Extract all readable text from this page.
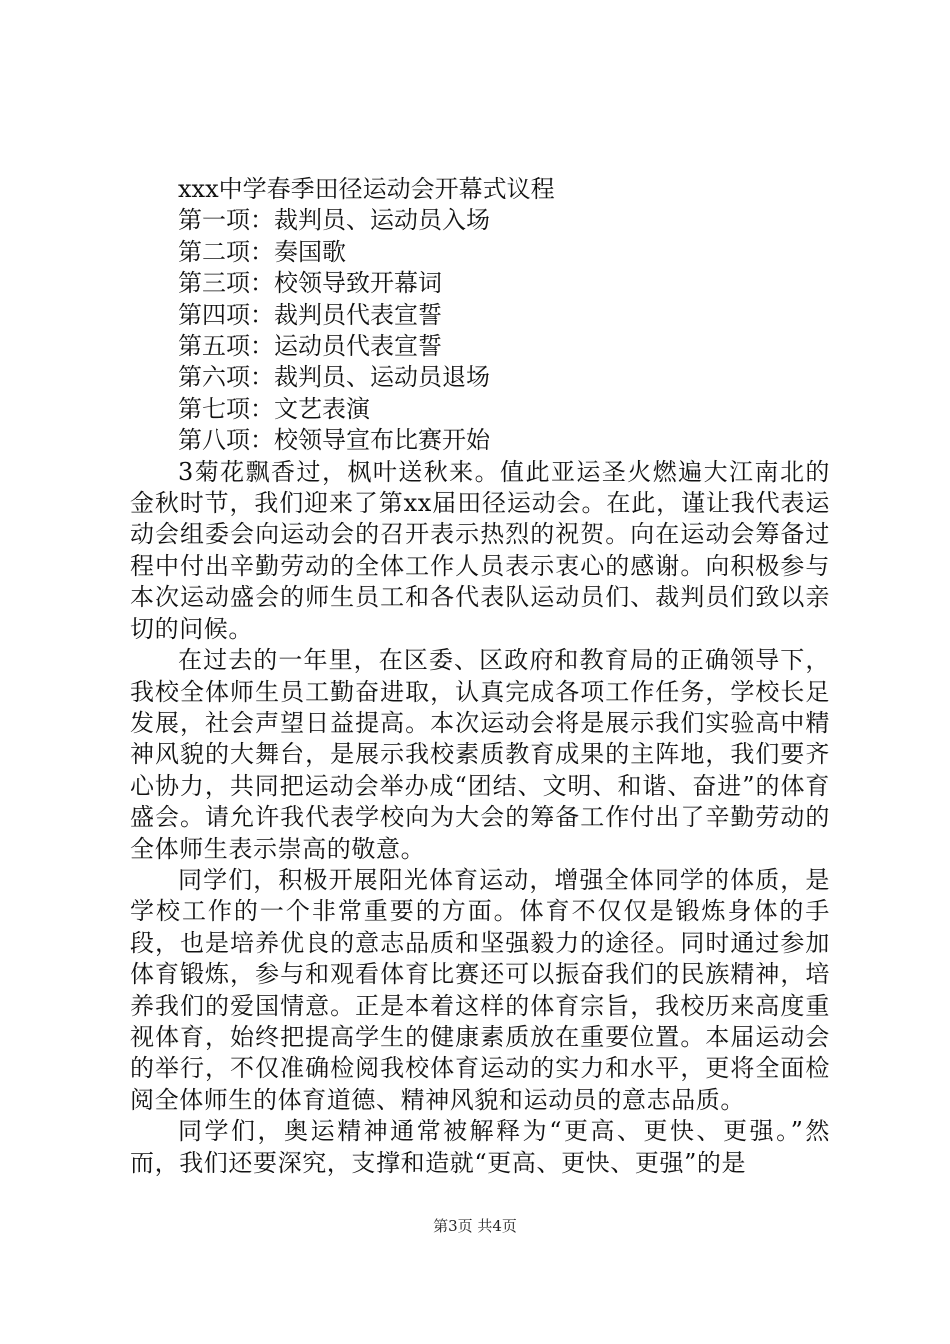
xxx中学春季田径运动会开幕式议程

第一项：裁判员、运动员入场

第二项：奏国歌

第三项：校领导致开幕词

第四项：裁判员代表宣誓

第五项：运动员代表宣誓

第六项：裁判员、运动员退场

第七项：文艺表演

第八项：校领导宣布比赛开始

3菊花飘香过，枫叶送秋来。值此亚运圣火燃遍大江南北的金秋时节，我们迎来了第xx届田径运动会。在此，谨让我代表运动会组委会向运动会的召开表示热烈的祝贺。向在运动会筹备过程中付出辛勤劳动的全体工作人员表示衷心的感谢。向积极参与本次运动盛会的师生员工和各代表队运动员们、裁判员们致以亲切的问候。

在过去的一年里，在区委、区政府和教育局的正确领导下，我校全体师生员工勤奋进取，认真完成各项工作任务，学校长足发展，社会声望日益提高。本次运动会将是展示我们实验高中精神风貌的大舞台，是展示我校素质教育成果的主阵地，我们要齐心协力，共同把运动会举办成“团结、文明、和谐、奋进”的体育盛会。请允许我代表学校向为大会的筹备工作付出了辛勤劳动的全体师生表示崇高的敬意。

同学们，积极开展阳光体育运动，增强全体同学的体质，是学校工作的一个非常重要的方面。体育不仅仅是锻炼身体的手段，也是培养优良的意志品质和坚强毅力的途径。同时通过参加体育锻炼，参与和观看体育比赛还可以振奋我们的民族精神，培养我们的爱国情意。正是本着这样的体育宗旨，我校历来高度重视体育，始终把提高学生的健康素质放在重要位置。本届运动会的举行，不仅准确检阅我校体育运动的实力和水平，更将全面检阅全体师生的体育道德、精神风貌和运动员的意志品质。

同学们，奥运精神通常被解释为“更高、更快、更强。”然而，我们还要深究，支撑和造就“更高、更快、更强”的是

第3页 共4页
